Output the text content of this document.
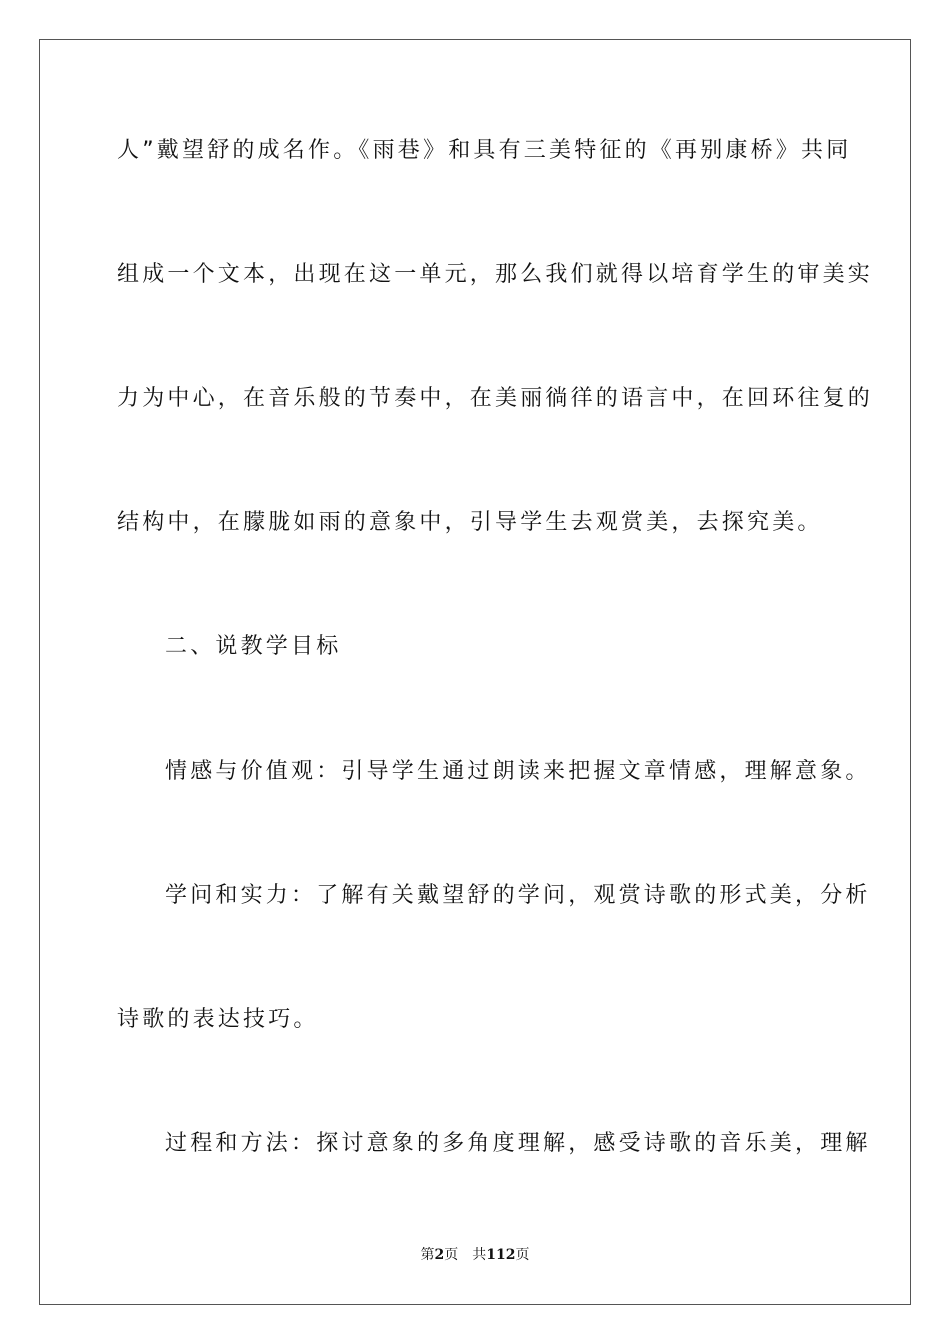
人”戴望舒的成名作。《雨巷》和具有三美特征的《再别康桥》共同
组成一个文本，出现在这一单元，那么我们就得以培育学生的审美实
力为中心，在音乐般的节奏中，在美丽徜徉的语言中，在回环往复的
结构中，在朦胧如雨的意象中，引导学生去观赏美，去探究美。
二、说教学目标
情感与价值观：引导学生通过朗读来把握文章情感，理解意象。
学问和实力：了解有关戴望舒的学问，观赏诗歌的形式美，分析
诗歌的表达技巧。
过程和方法：探讨意象的多角度理解，感受诗歌的音乐美，理解
第2页 共112页
